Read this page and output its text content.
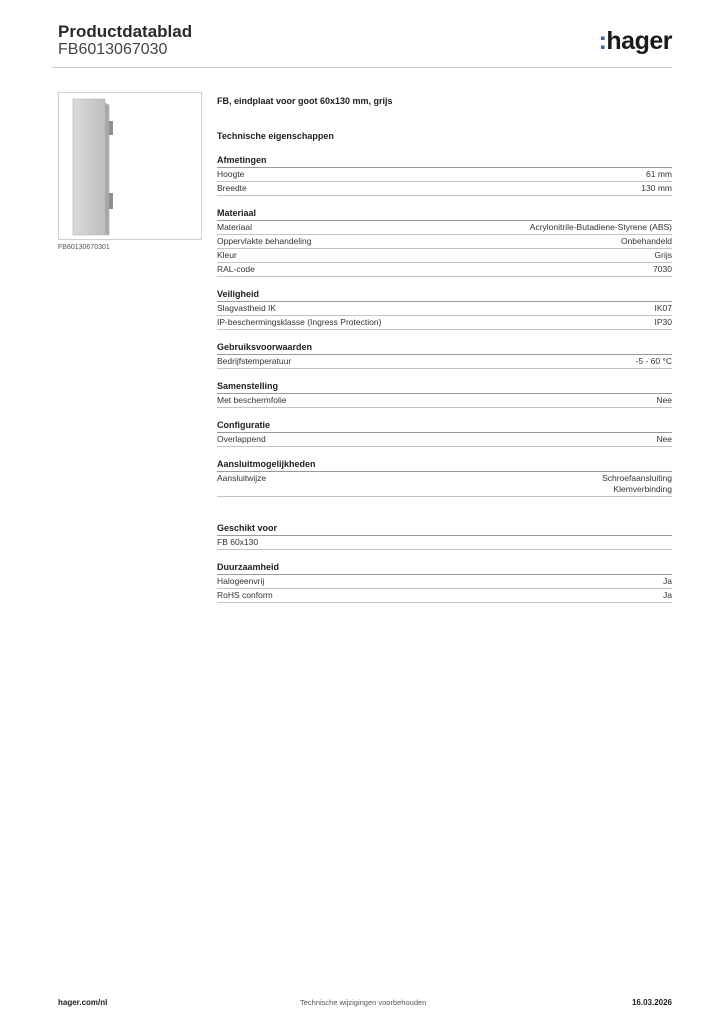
Productdatablad
FB6013067030	:hager
FB60130670301
FB, eindplaat voor goot 60x130 mm, grijs
Technische eigenschappen
Afmetingen
Hoogte	61 mm
Breedte	130 mm
Materiaal
Materiaal	Acrylonitrile-Butadiene-Styrene (ABS)
Oppervlakte behandeling	Onbehandeld
Kleur	Grijs
RAL-code	7030
Veiligheid
Slagvastheid IK	IK07
IP-beschermingsklasse (Ingress Protection)	IP30
Gebruiksvoorwaarden
Bedrijfstemperatuur	-5 - 60 °C
Samenstelling
Met beschermfolie	Nee
Configuratie
Overlappend	Nee
Aansluitmogelijkheden
Aansluitwijze	Schroefaansluiting
Klemverbinding
Geschikt voor
FB 60x130
Duurzaamheid
Halogeenvrij	Ja
RoHS conform	Ja
hager.com/nl	Technische wijzigingen voorbehouden	16.03.2026
